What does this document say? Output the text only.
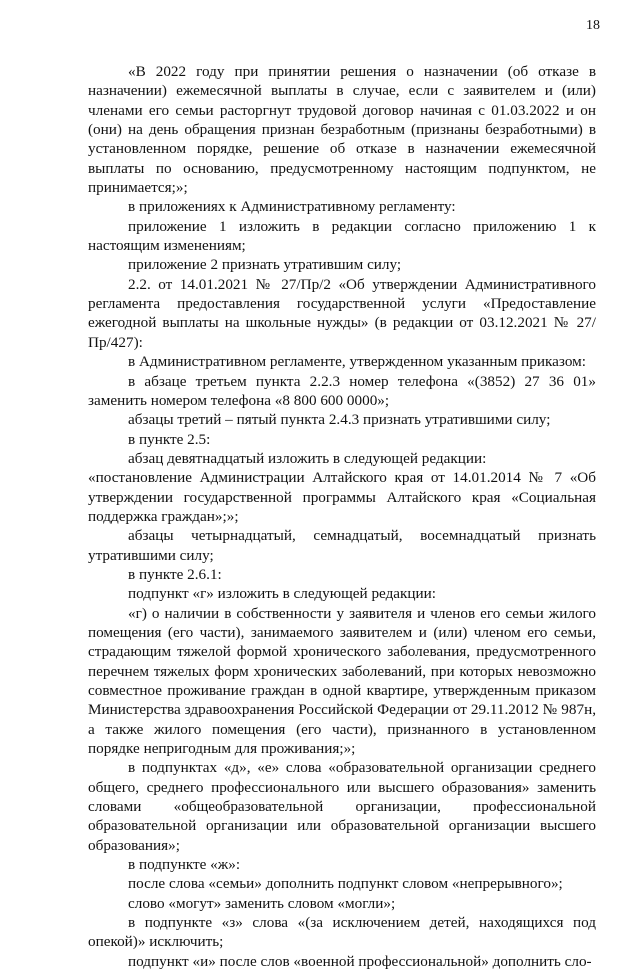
18

«В 2022 году при принятии решения о назначении (об отказе в назначении) ежемесячной выплаты в случае, если с заявителем и (или) членами его семьи расторгнут трудовой договор начиная с 01.03.2022 и он (они) на день обращения признан безработным (признаны безработными) в установленном порядке, решение об отказе в назначении ежемесячной выплаты по основанию, предусмотренному настоящим подпунктом, не принимается;»;

в приложениях к Административному регламенту:

приложение 1 изложить в редакции согласно приложению 1 к настоящим изменениям;

приложение 2 признать утратившим силу;

2.2. от 14.01.2021 № 27/Пр/2 «Об утверждении Административного регламента предоставления государственной услуги «Предоставление ежегодной выплаты на школьные нужды» (в редакции от 03.12.2021 № 27/Пр/427):

в Административном регламенте, утвержденном указанным приказом:

в абзаце третьем пункта 2.2.3 номер телефона «(3852) 27 36 01» заменить номером телефона «8 800 600 0000»;

абзацы третий – пятый пункта 2.4.3 признать утратившими силу;

в пункте 2.5:

абзац девятнадцатый изложить в следующей редакции:

«постановление Администрации Алтайского края от 14.01.2014 № 7 «Об утверждении государственной программы Алтайского края «Социальная поддержка граждан»;»;

абзацы четырнадцатый, семнадцатый, восемнадцатый признать утратившими силу;

в пункте 2.6.1:

подпункт «г» изложить в следующей редакции:

«г) о наличии в собственности у заявителя и членов его семьи жилого помещения (его части), занимаемого заявителем и (или) членом его семьи, страдающим тяжелой формой хронического заболевания, предусмотренного перечнем тяжелых форм хронических заболеваний, при которых невозможно совместное проживание граждан в одной квартире, утвержденным приказом Министерства здравоохранения Российской Федерации от 29.11.2012 № 987н, а также жилого помещения (его части), признанного в установленном порядке непригодным для проживания;»;

в подпунктах «д», «е» слова «образовательной организации среднего общего, среднего профессионального или высшего образования» заменить словами «общеобразовательной организации, профессиональной образовательной организации или образовательной организации высшего образования»;

в подпункте «ж»:

после слова «семьи» дополнить подпункт словом «непрерывного»;

слово «могут» заменить словом «могли»;

в подпункте «з» слова «(за исключением детей, находящихся под опекой)» исключить;

подпункт «и» после слов «военной профессиональной» дополнить сло-
